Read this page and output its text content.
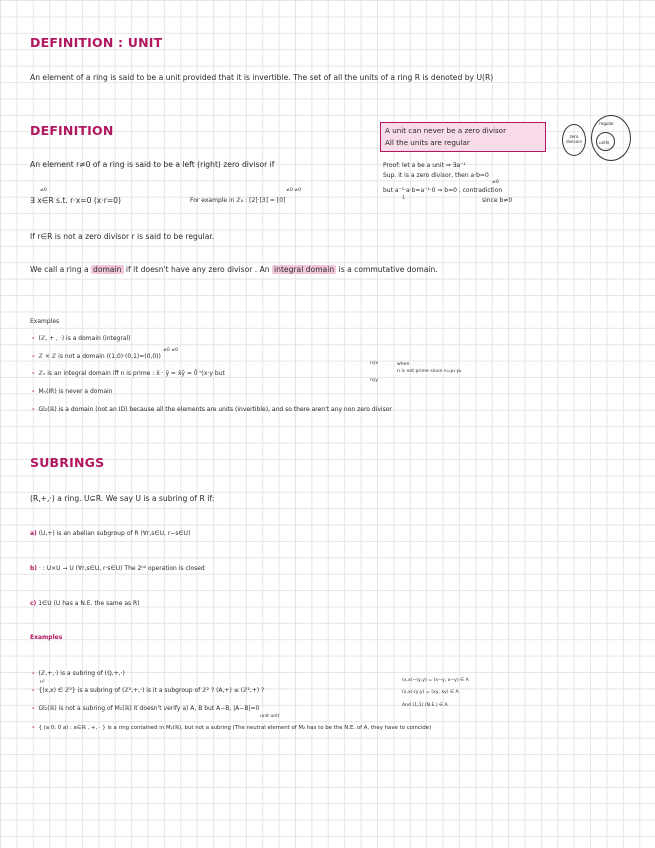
DEFINITION : UNIT
An element of a ring is said to be a unit provided that it is invertible. The set of all the units of a ring R is denoted by U(R)
DEFINITION
An element r≠0 of a ring is said to be a left (right) zero divisor if
≠0
∃ x∈R s.t. r·x=0 (x·r=0)
≠0 ≠0
For example in ℤ₆ : [2]·[3] = [0]
If r∈R is not a zero divisor r is said to be regular.
We call a ring a domain if it doesn't have any zero divisor . An integral domain is a commutative domain.
A unit can never be a zero divisor
All the units are regular
regular
units
zero divisors
Proof: let a be a unit ⇒ ∃a⁻¹
Sup. it is a zero divisor, then a·b=0
≠0
but a⁻¹·a·b=a⁻¹·0 ⇒ b=0 , contradiction
1	since b≠0
Examples
- (ℤ, + , ·) is a domain (integral)
≠0 ≠0
- ℤ × ℤ is not a domain ((1,0)·(0,1)=(0,0))
- ℤₙ is an integral domain iff n is prime : x̄ · ȳ = x̄ȳ = 0̄ ⁿ|x·y but
n∤x
n∤y
when
n is not prime since n=p₁·p₂
- Mₙ(IR) is never a domain
- Gl₂(ℝ) is a domain (not an ID) because all the elements are units (invertible), and so there aren't any non zero divisor
SUBRINGS
(R,+,·) a ring. U⊆R. We say U is a subring of R if:
a) (U,+) is an abelian subgroup of R (∀r,s∈U, r−s∈U)
b) · : U×U → U (∀r,s∈U, r·s∈U) The 2ⁿᵈ operation is closed
c) 1∈U (U has a N.E. the same as R)
Examples
- (ℤ,+,·) is a subring of (ℚ,+,·)
n²
- {(x,x) ∈ ℤ²} is a subring of (ℤ²,+,·) is it a subgroup of ℤ² ? (A,+) ≤ (ℤ²,+) ?
- Gl₂(ℝ) is not a subring of M₂(ℝ) it doesn't verify a) A, B but A−B, |A−B|=0
unit unit
- { (a 0; 0 a) : a∈ℝ , +, · } is a ring contained in M₂(ℝ), but not a subring (The neutral element of M₂ has to be the N.E. of A, they have to coincide)
(x,x)−(y,y) = (x−y, x−y) ∈ A
(x,x)·(y,y) = (xy, xy) ∈ A
And (1,1) (N.E.) ∈ A
